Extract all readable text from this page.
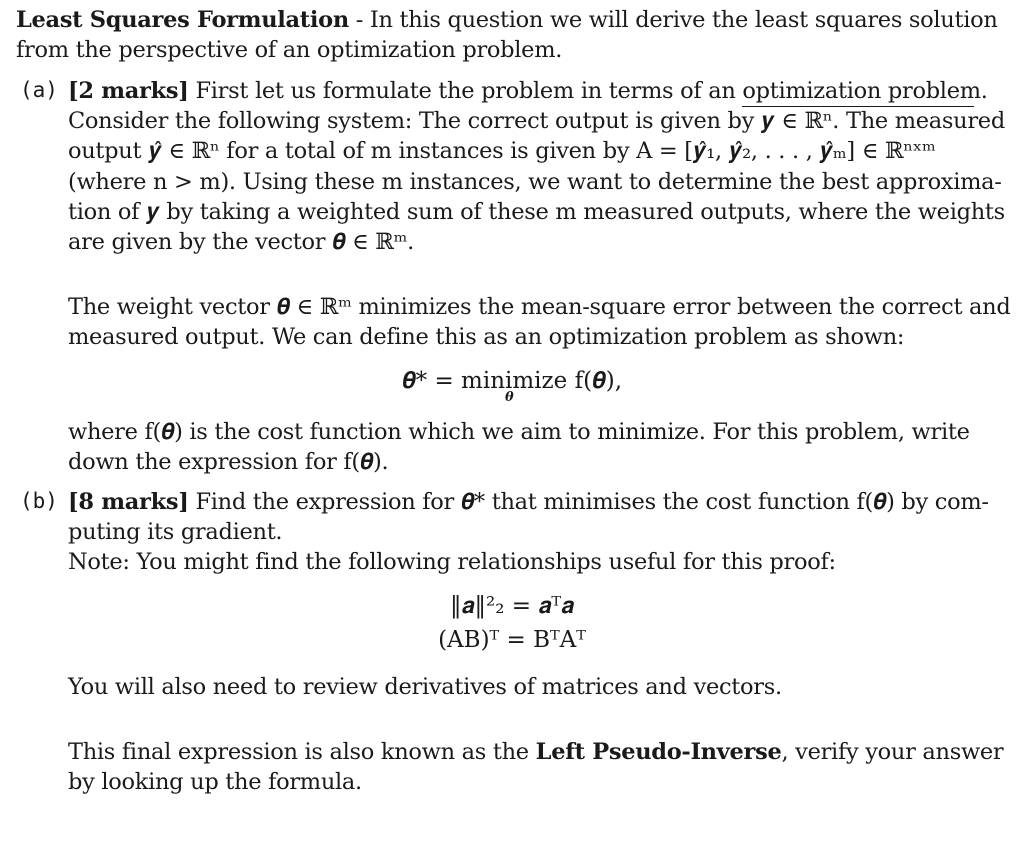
Least Squares Formulation - In this question we will derive the least squares solution
from the perspective of an optimization problem.
(a) [2 marks] First let us formulate the problem in terms of an optimization problem.
Consider the following system: The correct output is given by 𝒚 ∈ ℝⁿ. The measured
output 𝒚̂ ∈ ℝⁿ for a total of m instances is given by A = [𝒚̂₁, 𝒚̂₂, . . . , 𝒚̂ₘ] ∈ ℝⁿˣᵐ
(where n > m). Using these m instances, we want to determine the best approxima-
tion of 𝒚 by taking a weighted sum of these m measured outputs, where the weights
are given by the vector 𝜽 ∈ ℝᵐ.
The weight vector 𝜽 ∈ ℝᵐ minimizes the mean-square error between the correct and
measured output. We can define this as an optimization problem as shown:
𝜽* = minimize f(𝜽),
𝜽
where f(𝜽) is the cost function which we aim to minimize. For this problem, write
down the expression for f(𝜽).
(b) [8 marks] Find the expression for 𝜽* that minimises the cost function f(𝜽) by com-
puting its gradient.
Note: You might find the following relationships useful for this proof:
‖𝒂‖²₂ = 𝒂ᵀ𝒂
(AB)ᵀ = BᵀAᵀ
You will also need to review derivatives of matrices and vectors.
This final expression is also known as the Left Pseudo-Inverse, verify your answer
by looking up the formula.
